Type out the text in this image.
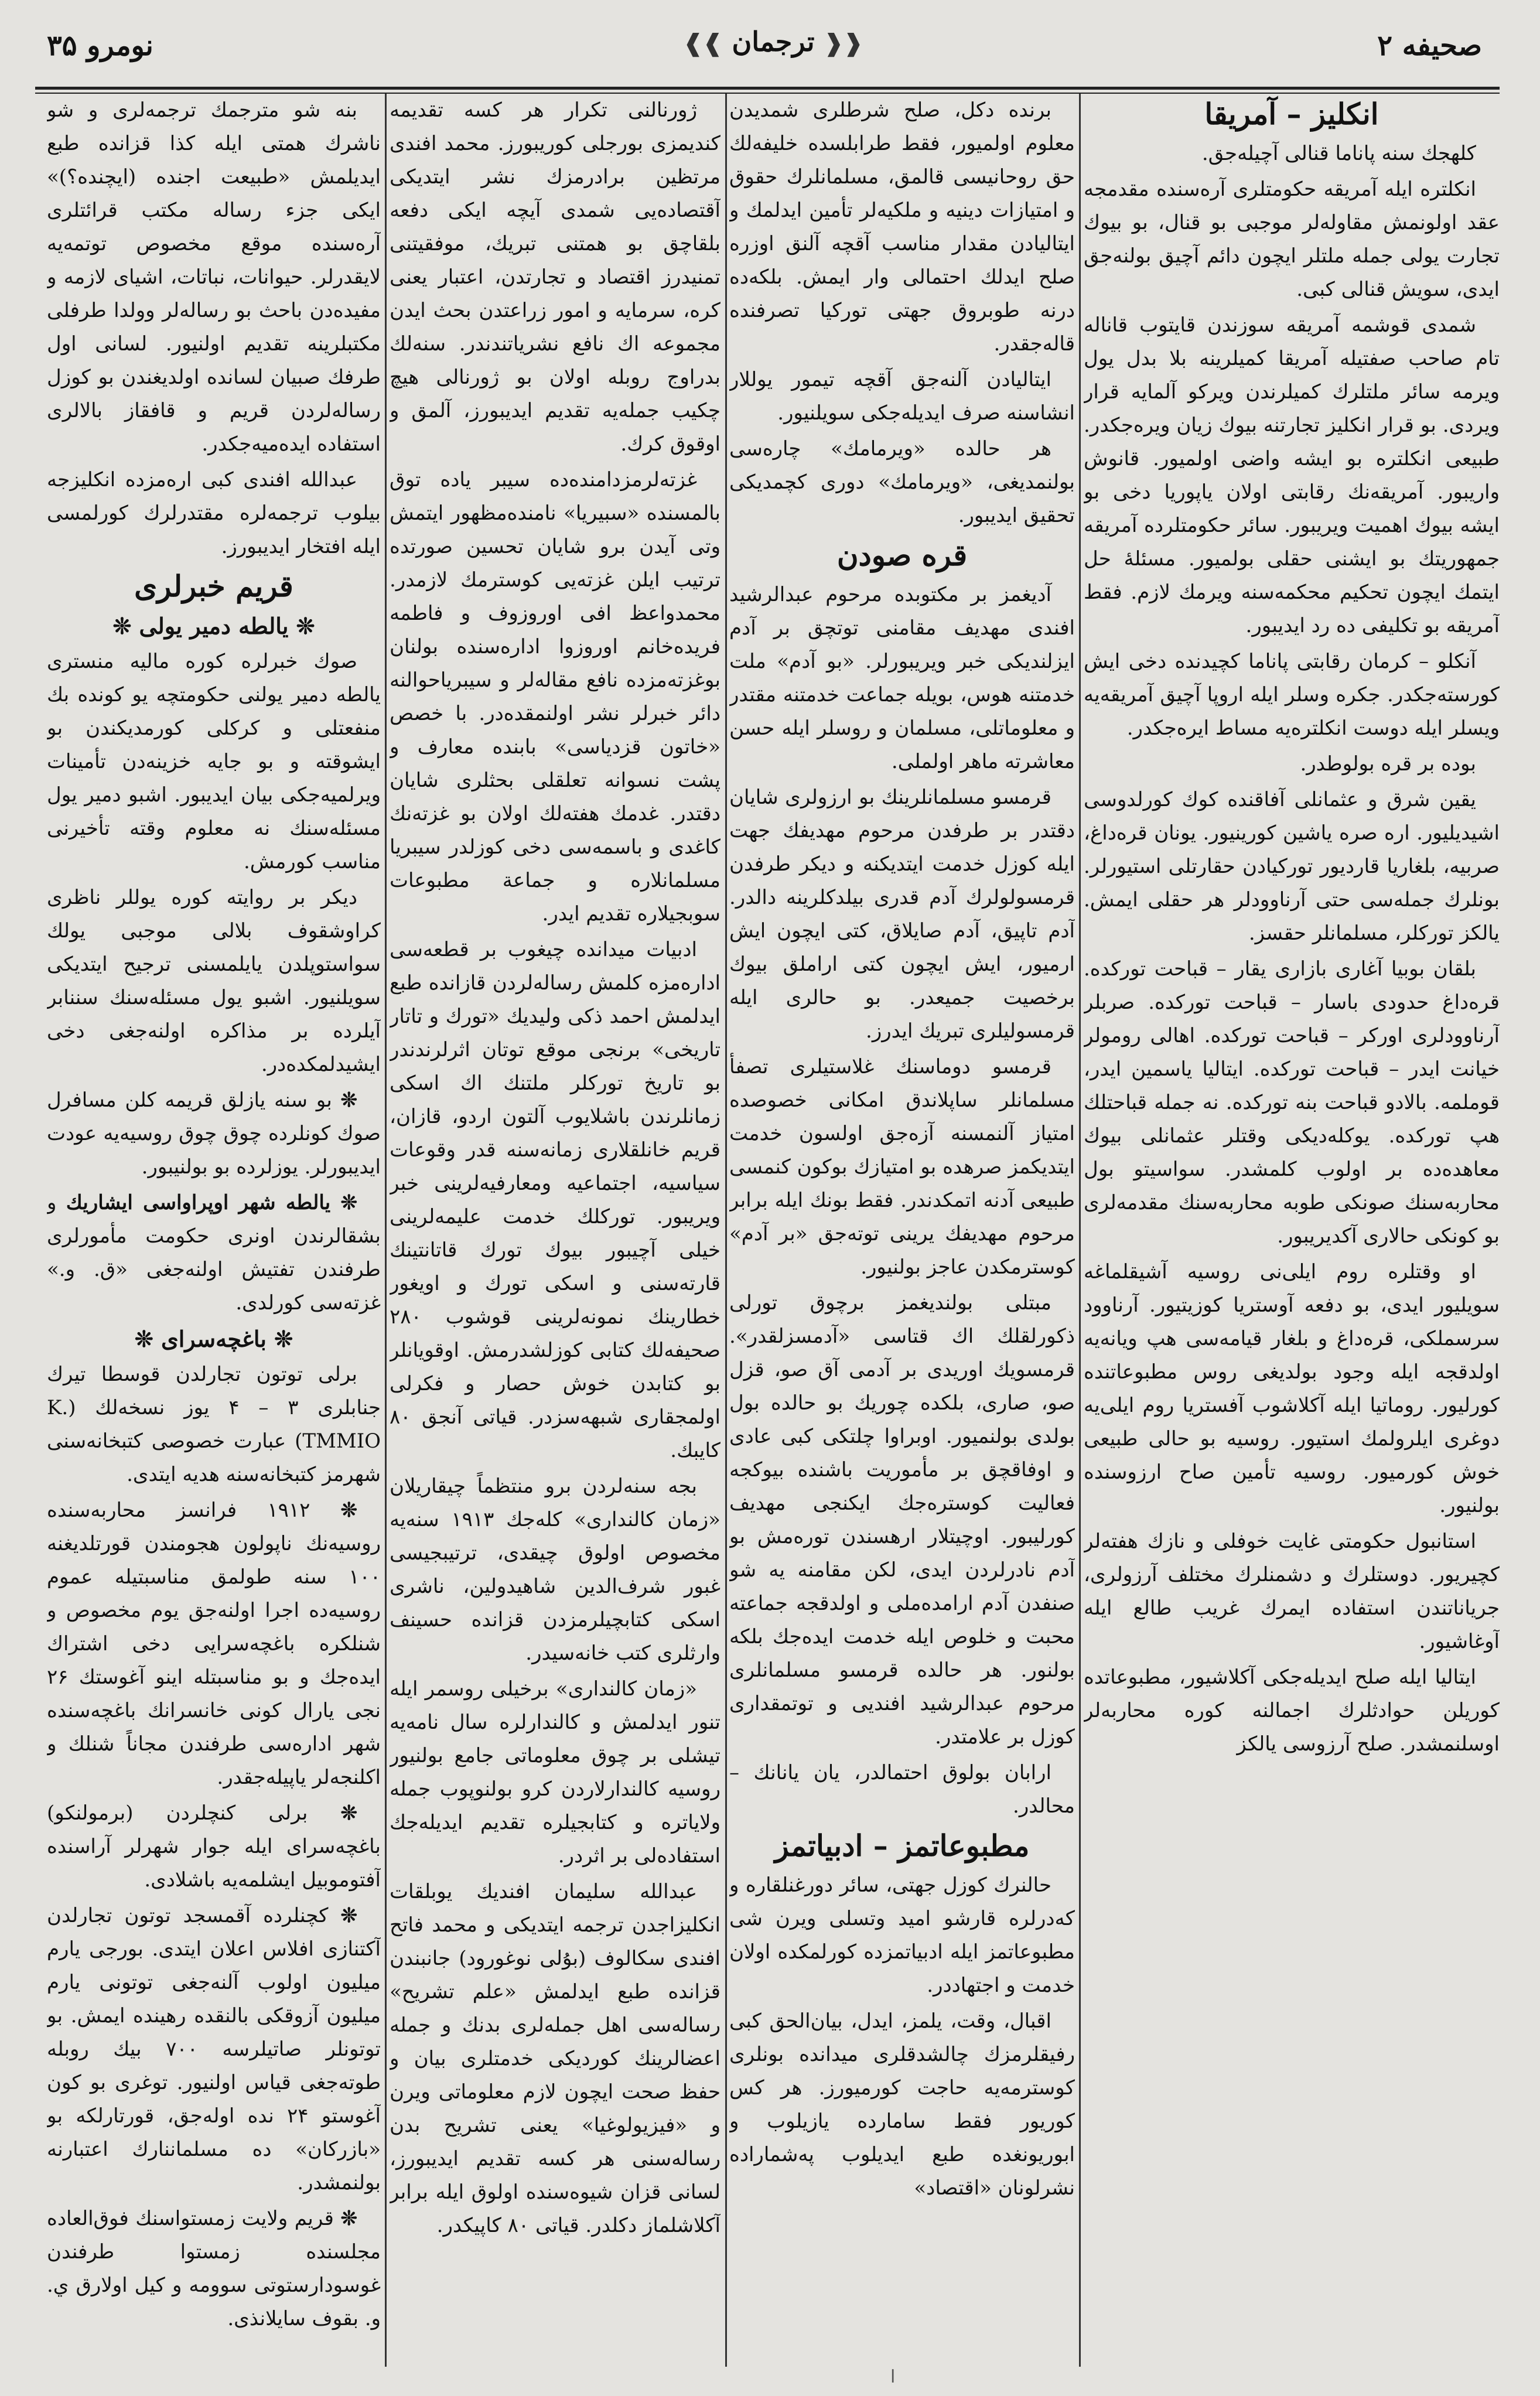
صحيفه ۲
❰❰ ترجمان ❱❱
نومرو ۳۵

انكليز – آمريقا

كلهجك سنه پاناما قنالى آچيله‌جق.

انكلتره ايله آمريقه حكومتلرى آره‌سنده مقدمجه عقد اولونمش مقاوله‌لر موجبى بو قنال، بو بيوك تجارت يولى جمله ملتلر ايچون دائم آچيق بولنه‌جق ايدى، سويش قنالى كبى.

شمدى قوشمه آمريقه سوزندن قايتوب قاناله تام صاحب صفتيله آمريقا كميلرينه بلا بدل يول ويرمه سائر ملتلرك كميلرندن ويركو آلمايه قرار ويردى. بو قرار انكليز تجارتنه بيوك زيان ويره‌جكدر. طبيعى انكلتره بو ايشه واضى اولميور. قانوش واريبور. آمريقه‌نك رقابتى اولان ياپوريا دخى بو ايشه بيوك اهميت ويريبور. سائر حكومتلرده آمريقه جمهوريتك بو ايشنى حقلى بولميور. مسئلهٔ حل ايتمك ايچون تحكيم محكمه‌سنه ويرمك لازم. فقط آمريقه بو تكليفى ده رد ايديبور.

آنكلو – كرمان رقابتى پاناما كچيدنده دخى ايش كورسته‌جكدر. جكره وسلر ايله اروپا آچيق آمريقه‌يه ويسلر ايله دوست انكلتره‌يه مساط ايره‌جكدر.

بوده بر قره بولوطدر.

يقين شرق و عثمانلى آفاقنده كوك كورلدوسى اشيديليور. اره صره ياشين كورينيور. يونان قره‌داغ، صربيه، بلغاريا قارديور توركيادن حقارتلى استيورلر. بونلرك جمله‌سى حتى آرناوودلر هر حقلى ايمش. يالكز توركلر، مسلمانلر حقسز.

بلقان بوبيا آغارى بازارى يقار – قباحت توركده. قره‌داغ حدودى باسار – قباحت توركده. صربلر آرناوودلرى اوركر – قباحت توركده. اهالى رومولر خيانت ايدر – قباحت توركده. ايتاليا ياسمين ايدر، قوملمه. بالادو قباحت بنه توركده. نه جمله قباحتلك هپ توركده. يوكله‌ديكى وقتلر عثمانلى بيوك معاهده‌ده بر اولوب كلمشدر. سواسيتو بول محاربه‌سنك صونكى طوبه محاربه‌سنك مقدمه‌لرى بو كونكى حالارى آكديريبور.

او وقتلره روم ايلى‌نى روسيه آشيقلماغه سويليور ايدى، بو دفعه آوستريا كوزيتيور. آرناوود سرسملكى، قره‌داغ و بلغار قيامه‌سى هپ ويانه‌يه اولدقجه ايله وجود بولديغى روس مطبوعاتنده كورليور. روماتيا ايله آكلاشوب آفستريا روم ايلى‌يه دوغرى ايلرولمك استيور. روسيه بو حالى طبيعى خوش كورميور. روسيه تأمين صاح ارزوسنده بولنيور.

استانبول حكومتى غايت خوفلى و نازك هفته‌لر كچيريور. دوستلرك و دشمنلرك مختلف آرزولرى، جرياناتندن استفاده ايمرك غريب طالع ايله آوغاشيور.

ايتاليا ايله صلح ايديله‌جكى آكلاشيور، مطبوعاتده كوريلن حوادثلرك اجمالنه كوره محاربه‌لر اوسلنمشدر. صلح آرزوسى يالكز

برنده دكل، صلح شرطلرى شمديدن معلوم اولميور، فقط طرابلسده خليفه‌لك حق روحانيسى قالمق، مسلمانلرك حقوق و امتيازات دينيه و ملكيه‌لر تأمين ايدلمك و ايتاليادن مقدار مناسب آقچه آلنق اوزره صلح ايدلك احتمالى وار ايمش. بلكه‌ده درنه طوبروق جهتى توركيا تصرفنده قاله‌جقدر.

ايتاليادن آلنه‌جق آقچه تيمور يوللار انشاسنه صرف ايديله‌جكى سويلنيور.

هر حالده «ويرمامك» چاره‌سى بولنمديغى، «ويرمامك» دورى كچمديكى تحقيق ايديبور.

قره صودن

آديغمز بر مكتوبده مرحوم عبدالرشيد افندى مهديف مقامنى توتچق بر آدم ايزلنديكى خبر ويريبورلر. «بو آدم» ملت خدمتنه هوس، بويله جماعت خدمتنه مقتدر و معلوماتلى، مسلمان و روسلر ايله حسن معاشرته ماهر اولملى.

قرمسو مسلمانلرينك بو ارزولرى شايان دقتدر بر طرفدن مرحوم مهديفك جهت ايله كوزل خدمت ايتديكنه و ديكر طرفدن قرمسولولرك آدم قدرى بيلدكلرينه دالدر. آدم تاپيق، آدم صايلاق، كتى ايچون ايش ارميور، ايش ايچون كتى اراملق بيوك برخصيت جميعدر. بو حالرى ايله قرمسوليلرى تبريك ايدرز.

قرمسو دوماسنك غلاستيلرى تصفأ مسلمانلر ساپلاندق امكانى خصوصده امتياز آلنمسنه آزه‌جق اولسون خدمت ايتديكمز صرهده بو امتيازك بوكون كنمسى طبيعى آدنه اتمكدندر. فقط بونك ايله برابر مرحوم مهديفك يرينى توته‌جق «بر آدم» كوسترمكدن عاجز بولنيور.

مبتلى بولنديغمز برچوق تورلى ذكورلقلك اك قتاسى «آدمسزلقدر». قرمسويك اوريدى بر آدمى آق صو، قزل صو، صارى، بلكده چوريك بو حالده بول بولدى بولنميور. اوبراوا چلتكى كبى عادى و اوفاقچق بر مأموريت باشنده بيوكجه فعاليت كوستره‌جك ايكنجى مهديف كورليبور. اوچيتلار ارهسندن تورەمش بو آدم نادرلردن ايدى، لكن مقامنه يه شو صنفدن آدم ارامدەملى و اولدقجه جماعته محبت و خلوص ايله خدمت ايده‌جك بلكه بولنور. هر حالده قرمسو مسلمانلرى مرحوم عبدالرشيد افنديى و توتمقدارى كوزل بر علامتدر.

ارابان بولوق احتمالدر، يان يانانك – محالدر.

مطبوعاتمز – ادبياتمز

حالنرك كوزل جهتى، سائر دورغنلقارە و كەدرلرە قارشو اميد وتسلى ويرن شى مطبوعاتمز ايله ادبياتمزده كورلمكده اولان خدمت و اجتهاددر.

اقبال، وقت، يلمز، ايدل، بيان‌الحق كبى رفيقلرمزك چالشدقلرى ميدانده بونلرى كوسترمه‌يه حاجت كورميورز. هر كس كوريور فقط سامارده يازيلوب و ابوريونغده طبع ايديلوب پەشماراده نشرلونان «اقتصاد»

ژورنالنى تكرار هر كسه تقديمه كنديمزى بورجلى كوريبورز. محمد افندى مرتظين برادرمزك نشر ايتديكى آقتصاده‌يى شمدى آيچه ايكى دفعه بلقاچق بو همتنى تبريك، موفقيتنى تمنيدرز اقتصاد و تجارتدن، اعتبار يعنى كره، سرمايه و امور زراعتدن بحث ايدن مجموعه اك نافع نشرياتندندر. سنه‌لك بدراوج روبله اولان بو ژورنالى هيچ چكيب جمله‌يه تقديم ايديبورز، آلمق و اوقوق كرك.

غزته‌لرمزدامنده‌ده سيبر ياده توق بالمسنده «سبيريا» نامنده‌مظهور ايتمش وتى آيدن برو شايان تحسين صورتده ترتيب ايلن غزته‌يى كوسترمك لازمدر. محمدواعظ افى اوروزوف و فاطمه فريده‌خانم اوروزوا ادارەسنده بولنان بوغزته‌مزده نافع مقالەلر و سيبرياحوالنه دائر خبرلر نشر اولنمقده‌در. با خصص «خاتون قزدياسى» بابنده معارف و پشت نسوانه تعلقلى بحثلرى شايان دقتدر. غدمك هفته‌لك اولان بو غزته‌نك كاغدى و باسمەسى دخى كوزلدر سيبريا مسلمانلارە و جماعة مطبوعات سوبجيلاره تقديم ايدر.

ادبيات ميدانده چيغوب بر قطعەسى اداره‌مزه كلمش رساله‌لردن قازانده طبع ايدلمش احمد ذكى وليديك «تورك و تاتار تاريخى» برنجى موقع توتان اثرلرندندر بو تاريخ توركلر ملتنك اك اسكى زمانلرندن باشلايوب آلتون اردو، قازان، قريم خانلقلارى زمانەسنه قدر وقوعات سياسيه، اجتماعيه ومعارفيه‌لرينى خبر ويريبور. توركلك خدمت عليمه‌لرينى خيلى آچيبور بيوك تورك قاتانتينك قارتەسنى و اسكى تورك و اويغور خطارينك نمونه‌لرينى قوشوب ۲۸۰ صحيفەلك كتابى كوزلشدرمش. اوقويانلر بو كتابدن خوش حصار و فكرلى اولمجقارى شبهەسزدر. قياتى آنجق ۸۰ كايبك.

بجه سنه‌لردن برو منتظماً چيقاريلان «زمان كالندارى» كلەجك ۱۹۱۳ سنه‌يه مخصوص اولوق چيقدى، ترتيبجيسى غبور شرف‌الدين شاهيدولين، ناشرى اسكى كتابچيلرمزدن قزانده حسينف وارثلرى كتب خانه‌سيدر.

«زمان كالندارى» برخيلى روسمر ايله تنور ايدلمش و كالندارلره سال نامه‌يه تيشلى بر چوق معلوماتى جامع بولنيور روسيه كالندارلاردن كرو بولنوپوب جمله ولاياتره و كتابجيلره تقديم ايديله‌جك استفاده‌لى بر اثردر.

عبدالله سليمان افنديك يوبلقات انكليزاجدن ترجمه ايتديكى و محمد فاتح افندى سكالوف (بۇلى نوغورود) جانبندن قزانده طبع ايدلمش «علم تشريح» رساله‌سى اهل جمله‌لرى بدنك و جمله اعضالرينك كورديكى خدمتلرى بيان و حفظ صحت ايچون لازم معلوماتى ويرن و «فيزيولوغيا» يعنى تشريح بدن رساله‌سنى هر كسه تقديم ايديبورز، لسانى قزان شيوه‌سنده اولوق ايله برابر آكلاشلماز دكلدر. قياتى ۸۰ كاپيكدر.

بنه شو مترجمك ترجمه‌لرى و شو ناشرك همتى ايله كذا قزانده طبع ايديلمش «طبيعت اجنده (ايچنده؟)» ايكى جزء رساله مكتب قرائتلرى آرەسنده موقع مخصوص توتمه‌يه لايقدرلر. حيوانات، نباتات، اشياى لازمه و مفيده‌دن باحث بو رساله‌لر وولدا طرفلى مكتبلرينه تقديم اولنيور. لسانى اول طرفك صبيان لسانده اولديغندن بو كوزل رساله‌لردن قريم و قافقاز بالالرى استفاده ايده‌ميه‌جكدر.

عبدالله افندى كبى ارەمزده انكليزجه بيلوب ترجمه‌لره مقتدرلرك كورلمسى ايله افتخار ايديبورز.

قريم خبرلرى

❊ يالطه دمير يولى ❊

صوك خبرلره كوره ماليه منسترى يالطه دمير يولنى حكومتچه يو كونده بك منفعتلى و كركلى كورمديكندن بو ايشوقته و بو جايه خزينه‌دن تأمينات ويرلميه‌جكى بيان ايديبور. اشبو دمير يول مسئله‌سنك نه معلوم وقته تأخيرنى مناسب كورمش.

ديكر بر روايته كوره يوللر ناظرى كراوشقوف بلالى موجبى يولك سواستوپلدن يايلمسنى ترجيح ايتديكى سويلنيور. اشبو يول مسئله‌سنك سننابر آيلرده بر مذاكره اولنه‌جغى دخى ايشيدلمكده‌در.

❊ بو سنه يازلق قريمه كلن مسافرل صوك كونلرده چوق چوق روسيه‌يه عودت ايديبورلر. يوزلرده بو بولنيبور.

❊ يالطه شهر اوپراواسى ايشاريك و بشقالرندن اونرى حكومت مأمورلرى طرفندن تفتيش اولنه‌جغى «ق. و.» غزته‌سى كورلدى.

❊ باغچه‌سراى ❊

برلى توتون تجارلدن قوسطا تيرك جنابلرى ۳ – ۴ يوز نسخەلك (K. TMMIO) عبارت خصوصى كتبخانه‌سنى شهرمز كتبخانه‌سنه هديه ايتدى.

❊ ۱۹۱۲ فرانسز محاربه‌سنده روسيه‌نك ناپولون هجومندن قورتلديغنه ۱۰۰ سنه طولمق مناسبتيله عموم روسيه‌ده اجرا اولنه‌جق يوم مخصوص و شنلكره باغچه‌سرايى دخى اشتراك ايده‌جك و بو مناسبتله اينو آغوستك ۲۶ نجى يارال كونى خانسرانك باغچه‌سنده شهر اداره‌سى طرفندن مجاناً شنلك و اكلنجه‌لر ياپيله‌جقدر.

❊ برلى كنچلردن (برمولنكو) باغچه‌سراى ايله جوار شهرلر آراسنده آفتوموبيل ايشلمه‌يه باشلادى.

❊ كچنلرده آقمسجد توتون تجارلدن آكتنازى افلاس اعلان ايتدى. بورجى يارم ميليون اولوب آلنه‌جغى توتونى يارم ميليون آزوقكى بالنقده رهينده ايمش. بو توتونلر صاتيلرسه ۷۰۰ بيك روبله طوته‌جغى قياس اولنيور. توغرى بو كون آغوستو ۲۴ نده اوله‌جق، قورتارلكه بو «بازركان» ده مسلماننارك اعتبارنه بولنمشدر.

❊ قريم ولايت زمستواسنك فوق‌العاده مجلسنده زمستوا طرفندن غوسودارستوتى سوومه و كيل اولارق ي. و. بقوف سايلانذى.

ا
